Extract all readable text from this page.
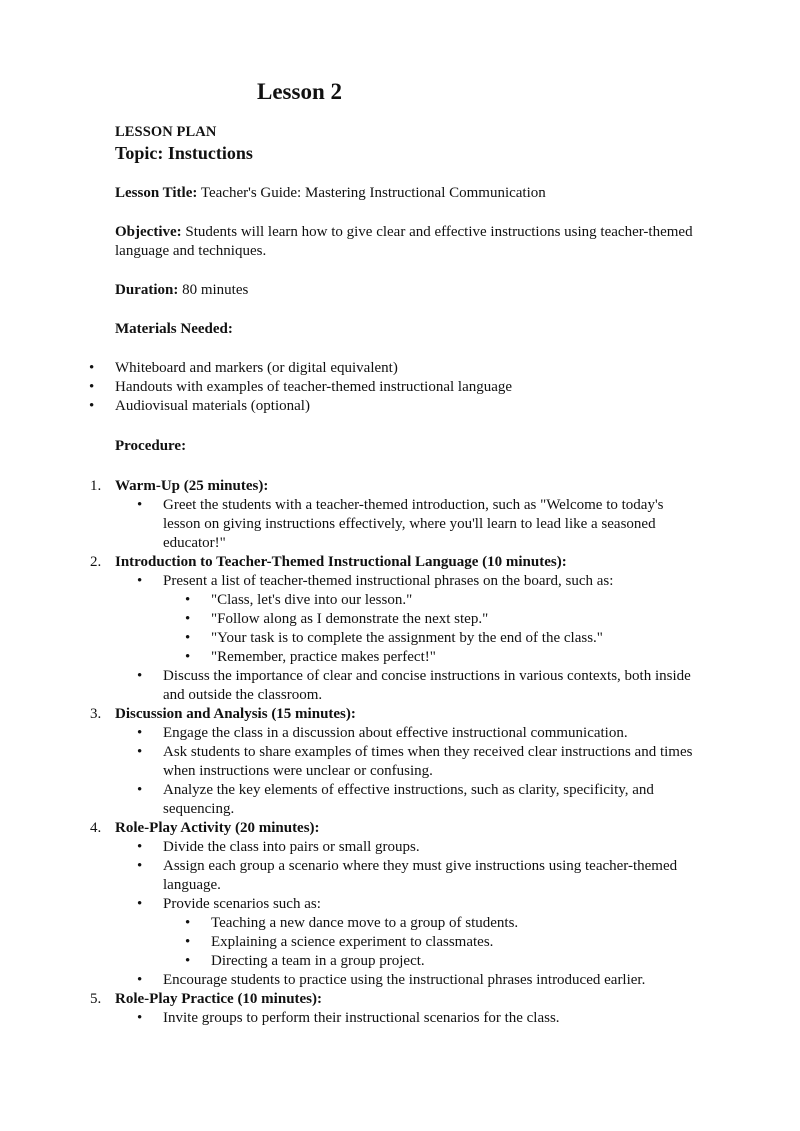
Lesson 2
LESSON PLAN
Topic: Instuctions
Lesson Title: Teacher's Guide: Mastering Instructional Communication
Objective: Students will learn how to give clear and effective instructions using teacher-themed
language and techniques.
Duration: 80 minutes
Materials Needed:
• Whiteboard and markers (or digital equivalent)
• Handouts with examples of teacher-themed instructional language
• Audiovisual materials (optional)
Procedure:
1. Warm-Up (25 minutes):
• Greet the students with a teacher-themed introduction, such as "Welcome to today's
lesson on giving instructions effectively, where you'll learn to lead like a seasoned
educator!"
2. Introduction to Teacher-Themed Instructional Language (10 minutes):
• Present a list of teacher-themed instructional phrases on the board, such as:
• "Class, let's dive into our lesson."
• "Follow along as I demonstrate the next step."
• "Your task is to complete the assignment by the end of the class."
• "Remember, practice makes perfect!"
• Discuss the importance of clear and concise instructions in various contexts, both inside
and outside the classroom.
3. Discussion and Analysis (15 minutes):
• Engage the class in a discussion about effective instructional communication.
• Ask students to share examples of times when they received clear instructions and times
when instructions were unclear or confusing.
• Analyze the key elements of effective instructions, such as clarity, specificity, and
sequencing.
4. Role-Play Activity (20 minutes):
• Divide the class into pairs or small groups.
• Assign each group a scenario where they must give instructions using teacher-themed
language.
• Provide scenarios such as:
• Teaching a new dance move to a group of students.
• Explaining a science experiment to classmates.
• Directing a team in a group project.
• Encourage students to practice using the instructional phrases introduced earlier.
5. Role-Play Practice (10 minutes):
• Invite groups to perform their instructional scenarios for the class.
